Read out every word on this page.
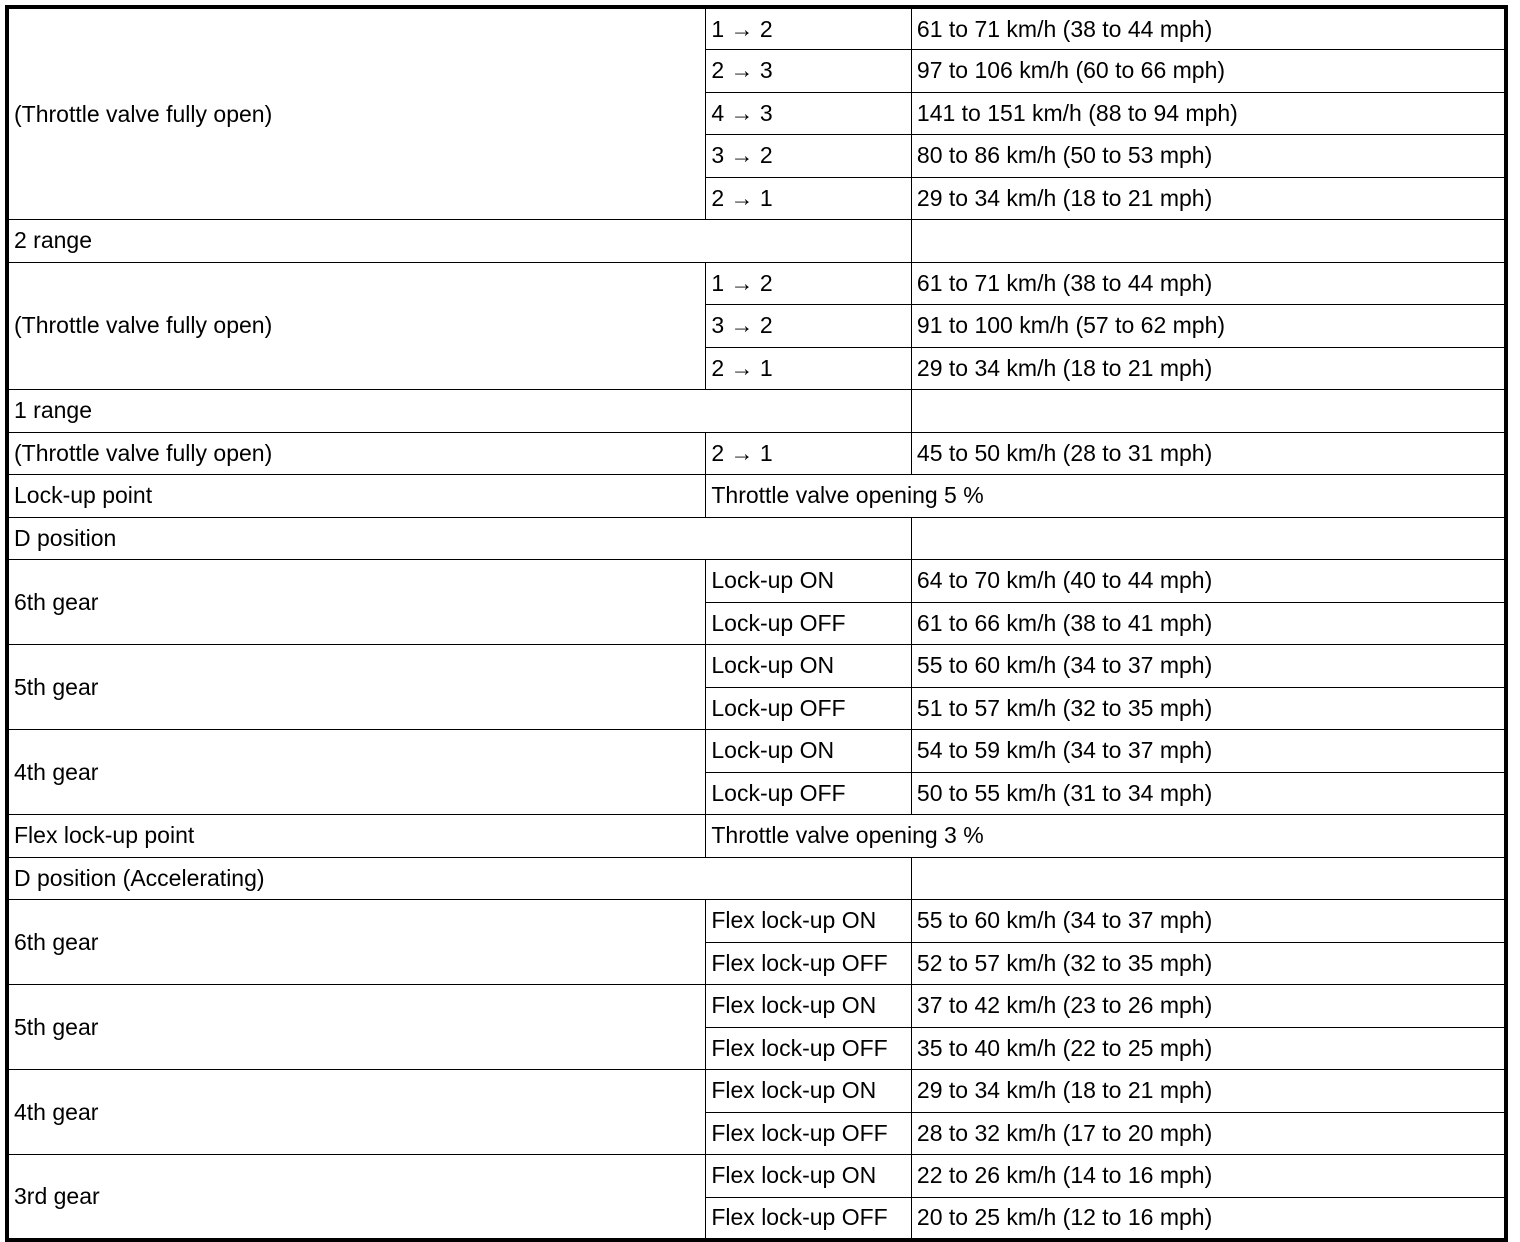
(Throttle valve fully open)	1 → 2	61 to 71 km/h (38 to 44 mph)
	2 → 3	97 to 106 km/h (60 to 66 mph)
	4 → 3	141 to 151 km/h (88 to 94 mph)
	3 → 2	80 to 86 km/h (50 to 53 mph)
	2 → 1	29 to 34 km/h (18 to 21 mph)
2 range		
(Throttle valve fully open)	1 → 2	61 to 71 km/h (38 to 44 mph)
	3 → 2	91 to 100 km/h (57 to 62 mph)
	2 → 1	29 to 34 km/h (18 to 21 mph)
1 range		
(Throttle valve fully open)	2 → 1	45 to 50 km/h (28 to 31 mph)
Lock-up point	Throttle valve opening 5 %	
D position		
6th gear	Lock-up ON	64 to 70 km/h (40 to 44 mph)
	Lock-up OFF	61 to 66 km/h (38 to 41 mph)
5th gear	Lock-up ON	55 to 60 km/h (34 to 37 mph)
	Lock-up OFF	51 to 57 km/h (32 to 35 mph)
4th gear	Lock-up ON	54 to 59 km/h (34 to 37 mph)
	Lock-up OFF	50 to 55 km/h (31 to 34 mph)
Flex lock-up point	Throttle valve opening 3 %	
D position (Accelerating)		
6th gear	Flex lock-up ON	55 to 60 km/h (34 to 37 mph)
	Flex lock-up OFF	52 to 57 km/h (32 to 35 mph)
5th gear	Flex lock-up ON	37 to 42 km/h (23 to 26 mph)
	Flex lock-up OFF	35 to 40 km/h (22 to 25 mph)
4th gear	Flex lock-up ON	29 to 34 km/h (18 to 21 mph)
	Flex lock-up OFF	28 to 32 km/h (17 to 20 mph)
3rd gear	Flex lock-up ON	22 to 26 km/h (14 to 16 mph)
	Flex lock-up OFF	20 to 25 km/h (12 to 16 mph)
